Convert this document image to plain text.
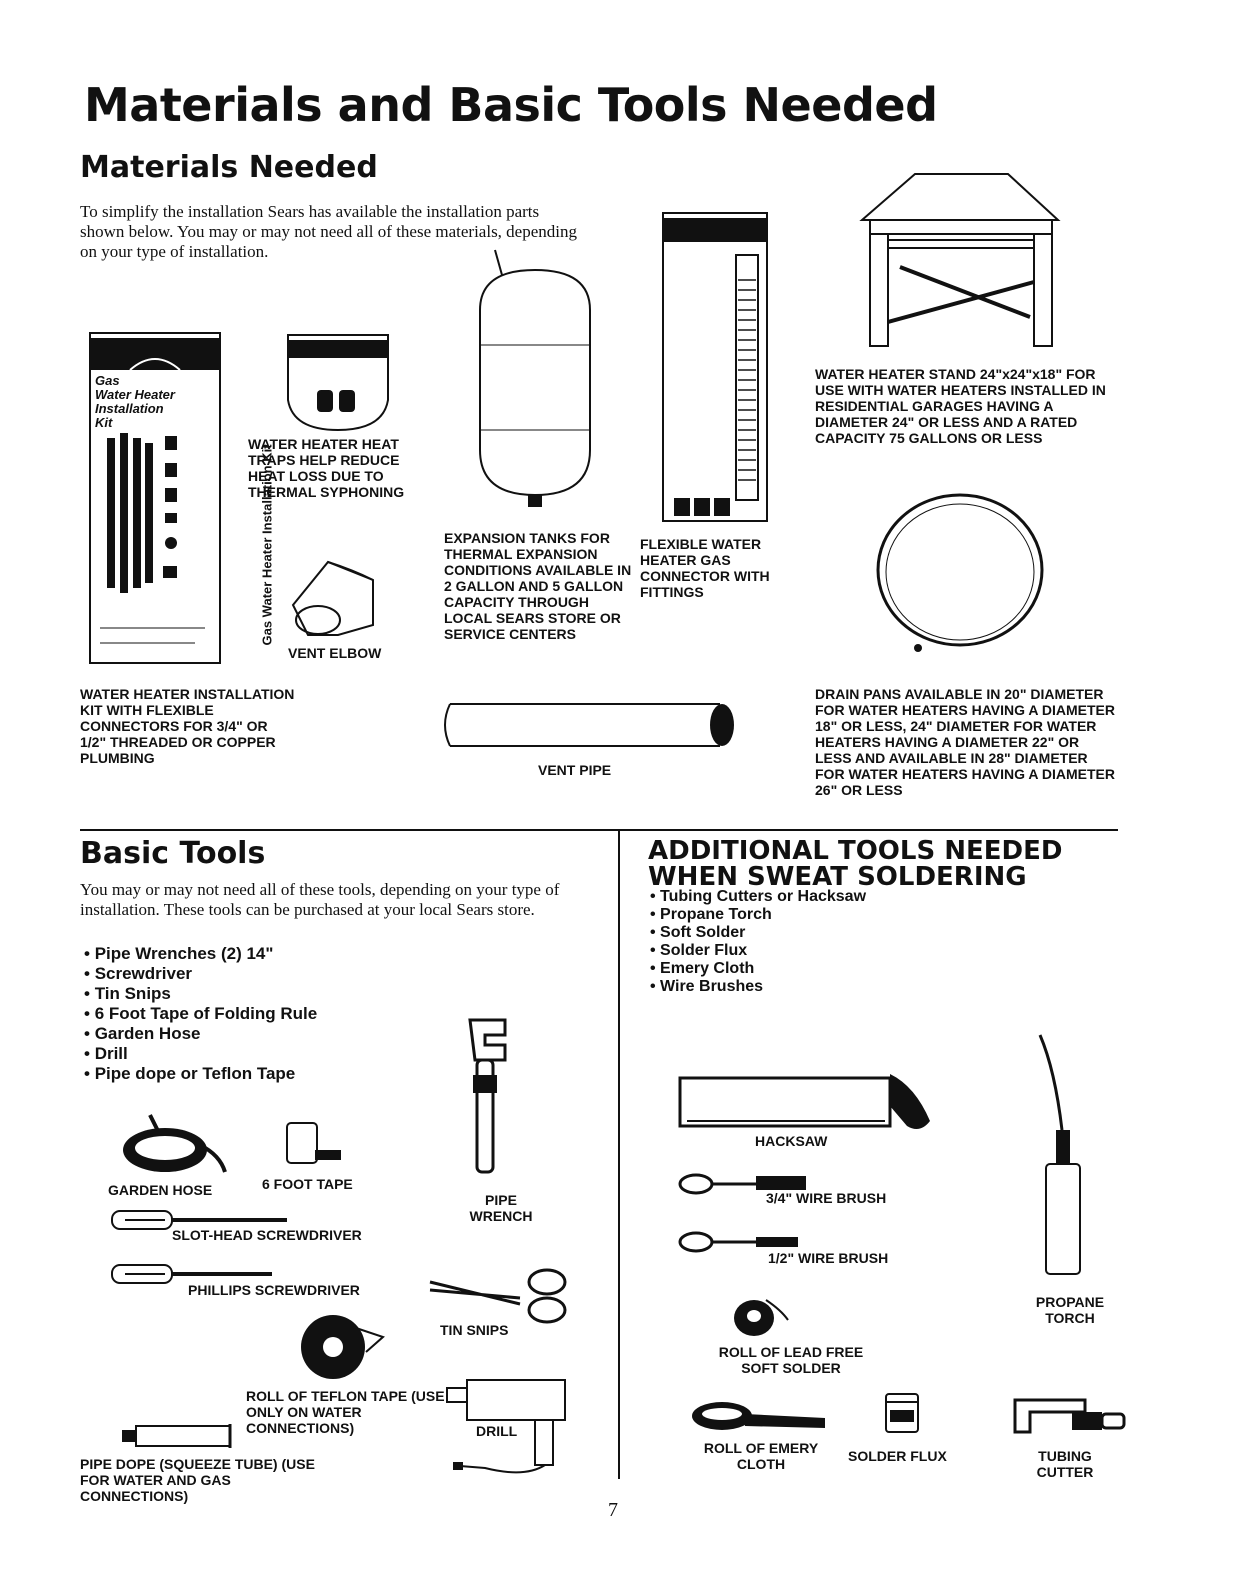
Materials and Basic Tools Needed
Materials Needed
To simplify the installation Sears has available the installation parts shown below. You may or may not need all of these materials, depending on your type of installation.
Gas
Water Heater
Installation
Kit
Gas Water Heater Installation Kit
WATER HEATER INSTALLATION KIT WITH FLEXIBLE CONNECTORS FOR 3/4" OR 1/2" THREADED OR COPPER PLUMBING
WATER HEATER HEAT TRAPS HELP REDUCE HEAT LOSS DUE TO THERMAL SYPHONING
VENT ELBOW
EXPANSION TANKS FOR THERMAL EXPANSION CONDITIONS AVAILABLE IN 2 GALLON AND 5 GALLON CAPACITY THROUGH LOCAL SEARS STORE OR SERVICE CENTERS
FLEXIBLE WATER HEATER GAS CONNECTOR WITH FITTINGS
WATER HEATER STAND 24"x24"x18" FOR USE WITH WATER HEATERS INSTALLED IN RESIDENTIAL GARAGES HAVING A DIAMETER 24" OR LESS AND A RATED CAPACITY 75 GALLONS OR LESS
DRAIN PANS AVAILABLE IN 20" DIAMETER FOR WATER HEATERS HAVING A DIAMETER 18" OR LESS, 24" DIAMETER FOR WATER HEATERS HAVING A DIAMETER 22" OR LESS AND AVAILABLE IN 28" DIAMETER FOR WATER HEATERS HAVING A DIAMETER 26" OR LESS
VENT PIPE
Basic Tools
You may or may not need all of these tools, depending on your type of installation. These tools can be purchased at your local Sears store.
• Pipe Wrenches (2) 14"
• Screwdriver
• Tin Snips
• 6 Foot Tape of Folding Rule
• Garden Hose
• Drill
• Pipe dope or Teflon Tape
GARDEN HOSE	6 FOOT TAPE
PIPE WRENCH
SLOT-HEAD SCREWDRIVER
PHILLIPS SCREWDRIVER
TIN SNIPS
ROLL OF TEFLON TAPE (USE ONLY ON WATER CONNECTIONS)	DRILL
PIPE DOPE (SQUEEZE TUBE) (USE FOR WATER AND GAS CONNECTIONS)
ADDITIONAL TOOLS NEEDED
WHEN SWEAT SOLDERING
• Tubing Cutters or Hacksaw
• Propane Torch
• Soft Solder
• Solder Flux
• Emery Cloth
• Wire Brushes
HACKSAW
PROPANE TORCH
3/4" WIRE BRUSH
1/2" WIRE BRUSH
ROLL OF LEAD FREE SOFT SOLDER
ROLL OF EMERY CLOTH	SOLDER FLUX	TUBING CUTTER
7
